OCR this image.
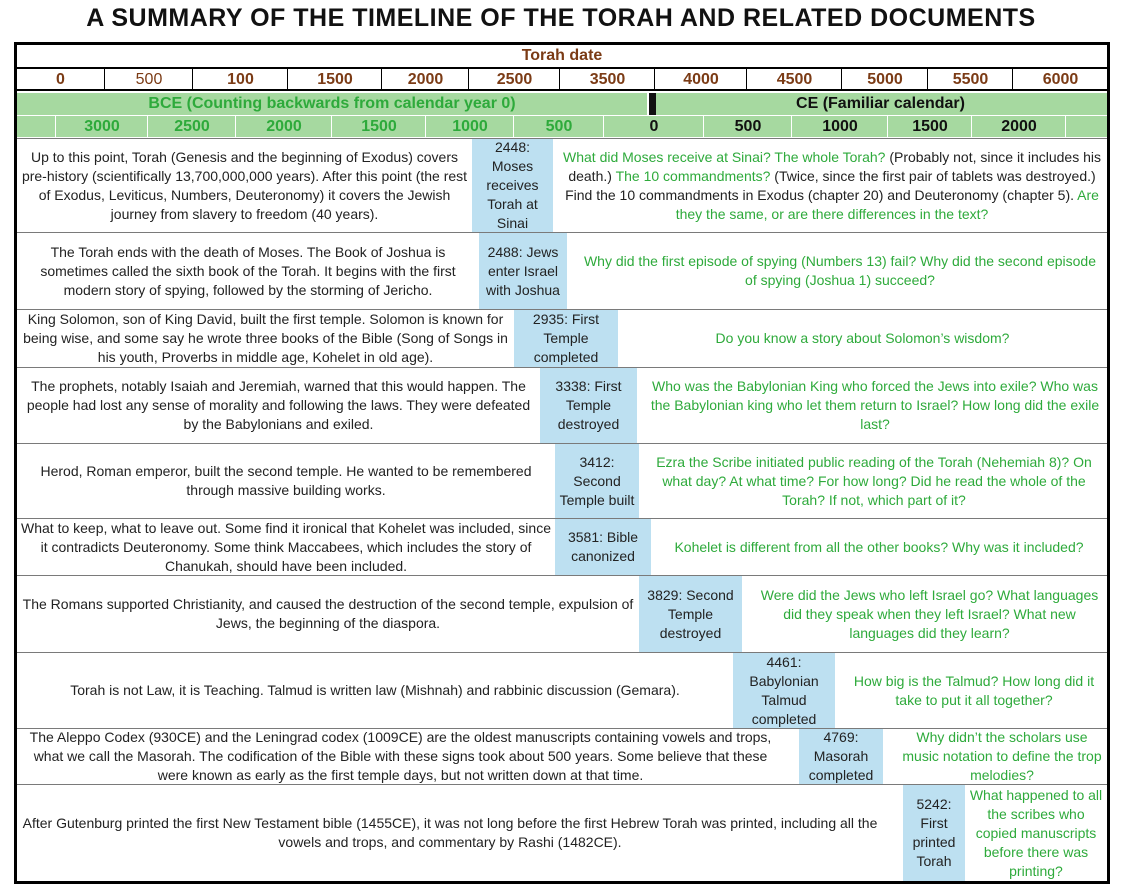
A SUMMARY OF THE TIMELINE OF THE TORAH AND RELATED DOCUMENTS
Torah date
0	500	100	1500	2000	2500	3500	4000	4500	5000	5500	6000
BCE (Counting backwards from calendar year 0)	CE (Familiar calendar)
3000	2500	2000	1500	1000	500	0	500	1000	1500	2000
Up to this point, Torah (Genesis and the beginning of Exodus) covers pre-history (scientifically 13,700,000,000 years). After this point (the rest of Exodus, Leviticus, Numbers, Deuteronomy) it covers the Jewish journey from slavery to freedom (40 years).
2448: Moses receives Torah at Sinai
What did Moses receive at Sinai? The whole Torah? (Probably not, since it includes his death.) The 10 commandments? (Twice, since the first pair of tablets was destroyed.) Find the 10 commandments in Exodus (chapter 20) and Deuteronomy (chapter 5). Are they the same, or are there differences in the text?
The Torah ends with the death of Moses. The Book of Joshua is sometimes called the sixth book of the Torah. It begins with the first modern story of spying, followed by the storming of Jericho.
2488: Jews enter Israel with Joshua
Why did the first episode of spying (Numbers 13) fail? Why did the second episode of spying (Joshua 1) succeed?
King Solomon, son of King David, built the first temple. Solomon is known for being wise, and some say he wrote three books of the Bible (Song of Songs in his youth, Proverbs in middle age, Kohelet in old age).
2935: First Temple completed
Do you know a story about Solomon’s wisdom?
The prophets, notably Isaiah and Jeremiah, warned that this would happen. The people had lost any sense of morality and following the laws. They were defeated by the Babylonians and exiled.
3338: First Temple destroyed
Who was the Babylonian King who forced the Jews into exile? Who was the Babylonian king who let them return to Israel? How long did the exile last?
Herod, Roman emperor, built the second temple. He wanted to be remembered through massive building works.
3412: Second Temple built
Ezra the Scribe initiated public reading of the Torah (Nehemiah 8)? On what day? At what time? For how long? Did he read the whole of the Torah? If not, which part of it?
What to keep, what to leave out. Some find it ironical that Kohelet was included, since it contradicts Deuteronomy. Some think Maccabees, which includes the story of Chanukah, should have been included.
3581: Bible canonized
Kohelet is different from all the other books? Why was it included?
The Romans supported Christianity, and caused the destruction of the second temple, expulsion of Jews, the beginning of the diaspora.
3829: Second Temple destroyed
Were did the Jews who left Israel go? What languages did they speak when they left Israel? What new languages did they learn?
Torah is not Law, it is Teaching. Talmud is written law (Mishnah) and rabbinic discussion (Gemara).
4461: Babylonian Talmud completed
How big is the Talmud? How long did it take to put it all together?
The Aleppo Codex (930CE) and the Leningrad codex (1009CE) are the oldest manuscripts containing vowels and trops, what we call the Masorah. The codification of the Bible with these signs took about 500 years. Some believe that these were known as early as the first temple days, but not written down at that time.
4769: Masorah completed
Why didn’t the scholars use music notation to define the trop melodies?
After Gutenburg printed the first New Testament bible (1455CE), it was not long before the first Hebrew Torah was printed, including all the vowels and trops, and commentary by Rashi (1482CE).
5242: First printed Torah
What happened to all the scribes who copied manuscripts before there was printing?
